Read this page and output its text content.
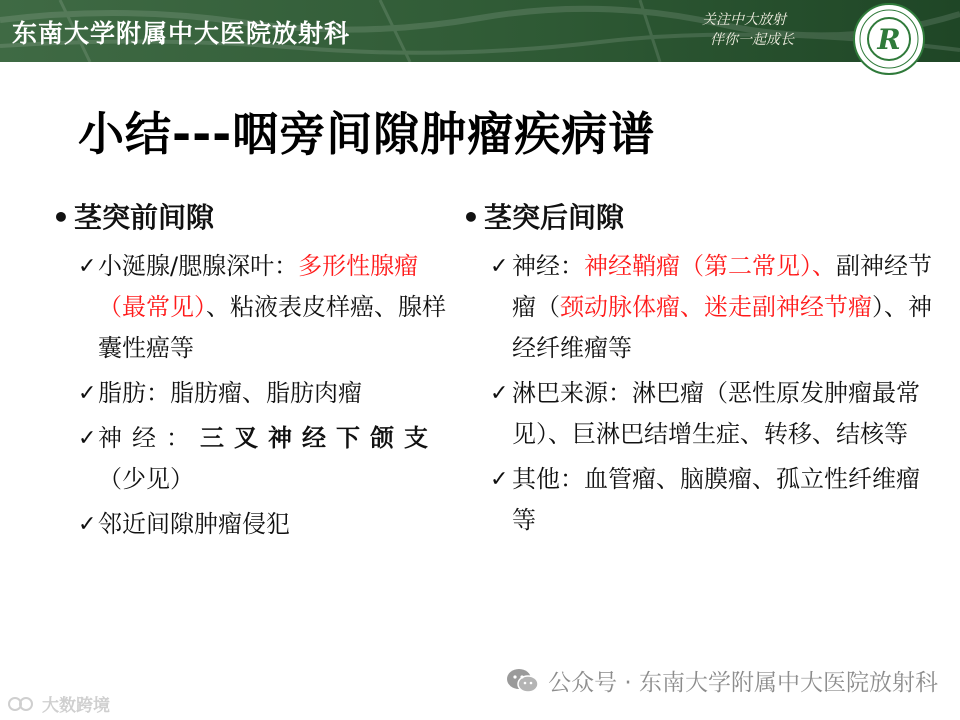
东南大学附属中大医院放射科	关注中大放射
伴你一起成长	R
小结---咽旁间隙肿瘤疾病谱
• 茎突前间隙
✓ 小涎腺/腮腺深叶：多形性腺瘤（最常见）、粘液表皮样癌、腺样囊性癌等
✓ 脂肪：脂肪瘤、脂肪肉瘤
✓ 神经：三叉神经下颌支（少见）
✓ 邻近间隙肿瘤侵犯
• 茎突后间隙
✓ 神经：神经鞘瘤（第二常见）、副神经节瘤（颈动脉体瘤、迷走副神经节瘤）、神经纤维瘤等
✓ 淋巴来源：淋巴瘤（恶性原发肿瘤最常见）、巨淋巴结增生症、转移、结核等
✓ 其他：血管瘤、脑膜瘤、孤立性纤维瘤等
大数跨境
公众号 · 东南大学附属中大医院放射科
